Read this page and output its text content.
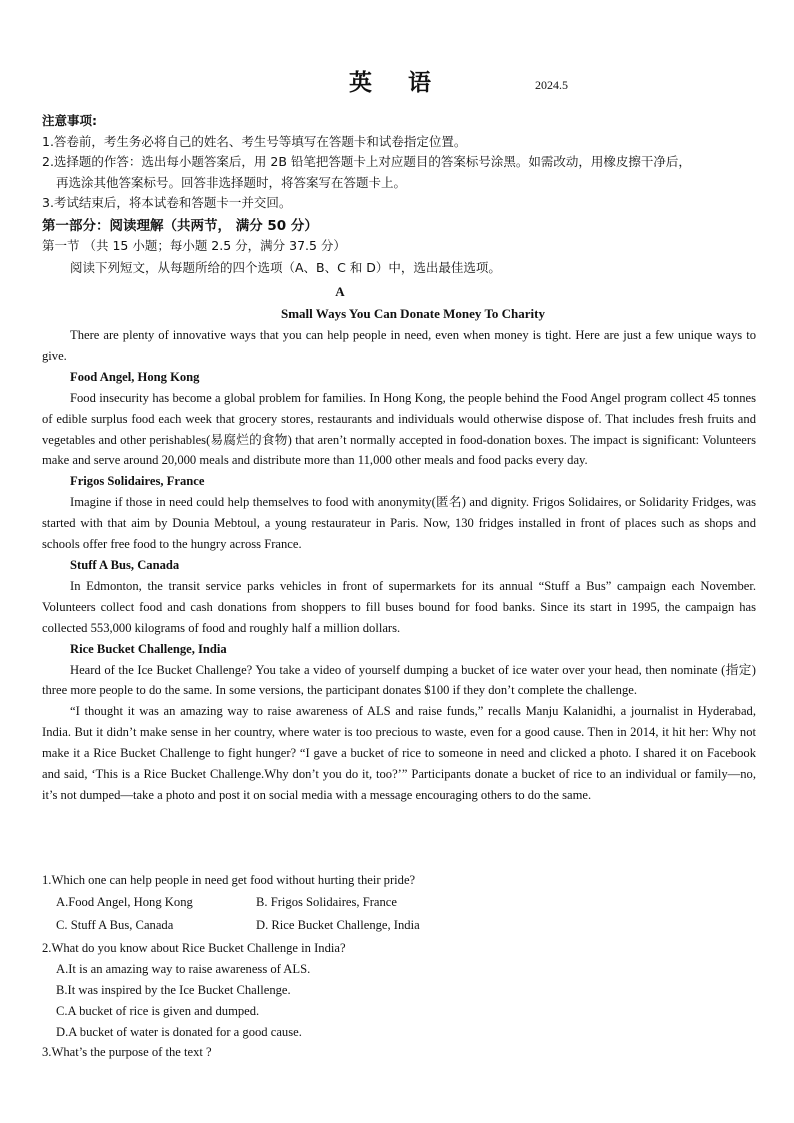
英 语	2024.5
注意事项:
1.答卷前，考生务必将自己的姓名、考生号等填写在答题卡和试卷指定位置。
2.选择题的作答：选出每小题答案后，用 2B 铅笔把答题卡上对应题目的答案标号涂黑。如需改动，用橡皮擦干净后，
再选涂其他答案标号。回答非选择题时，将答案写在答题卡上。
3.考试结束后，将本试卷和答题卡一并交回。
第一部分：阅读理解（共两节， 满分 50 分）
第一节 （共 15 小题；每小题 2.5 分，满分 37.5 分）
阅读下列短文，从每题所给的四个选项（A、B、C 和 D）中，选出最佳选项。
A
Small Ways You Can Donate Money To Charity

There are plenty of innovative ways that you can help people in need, even when money is tight. Here are just a few unique ways to give.

Food Angel, Hong Kong

Food insecurity has become a global problem for families. In Hong Kong, the people behind the Food Angel program collect 45 tonnes of edible surplus food each week that grocery stores, restaurants and individuals would otherwise dispose of. That includes fresh fruits and vegetables and other perishables(易腐烂的食物) that aren’t normally accepted in food-donation boxes. The impact is significant: Volunteers make and serve around 20,000 meals and distribute more than 11,000 other meals and food packs every day.

Frigos Solidaires, France

Imagine if those in need could help themselves to food with anonymity(匿名) and dignity. Frigos Solidaires, or Solidarity Fridges, was started with that aim by Dounia Mebtoul, a young restaurateur in Paris. Now, 130 fridges installed in front of places such as shops and schools offer free food to the hungry across France.

Stuff A Bus, Canada

In Edmonton, the transit service parks vehicles in front of supermarkets for its annual “Stuff a Bus” campaign each November. Volunteers collect food and cash donations from shoppers to fill buses bound for food banks. Since its start in 1995, the campaign has collected 553,000 kilograms of food and roughly half a million dollars.

Rice Bucket Challenge, India

Heard of the Ice Bucket Challenge? You take a video of yourself dumping a bucket of ice water over your head, then nominate (指定) three more people to do the same. In some versions, the participant donates $100 if they don’t complete the challenge.

“I thought it was an amazing way to raise awareness of ALS and raise funds,” recalls Manju Kalanidhi, a journalist in Hyderabad, India. But it didn’t make sense in her country, where water is too precious to waste, even for a good cause. Then in 2014, it hit her: Why not make it a Rice Bucket Challenge to fight hunger? “I gave a bucket of rice to someone in need and clicked a photo. I shared it on Facebook and said, ‘This is a Rice Bucket Challenge.Why don’t you do it, too?’” Participants donate a bucket of rice to an individual or family—no, it’s not dumped—take a photo and post it on social media with a message encouraging others to do the same.

1.Which one can help people in need get food without hurting their pride?

A.Food Angel, Hong Kong	B. Frigos Solidaires, France
C. Stuff A Bus, Canada	D. Rice Bucket Challenge, India

2.What do you know about Rice Bucket Challenge in India?

A.It is an amazing way to raise awareness of ALS.

B.It was inspired by the Ice Bucket Challenge.

C.A bucket of rice is given and dumped.

D.A bucket of water is donated for a good cause.

3.What’s the purpose of the text ?
